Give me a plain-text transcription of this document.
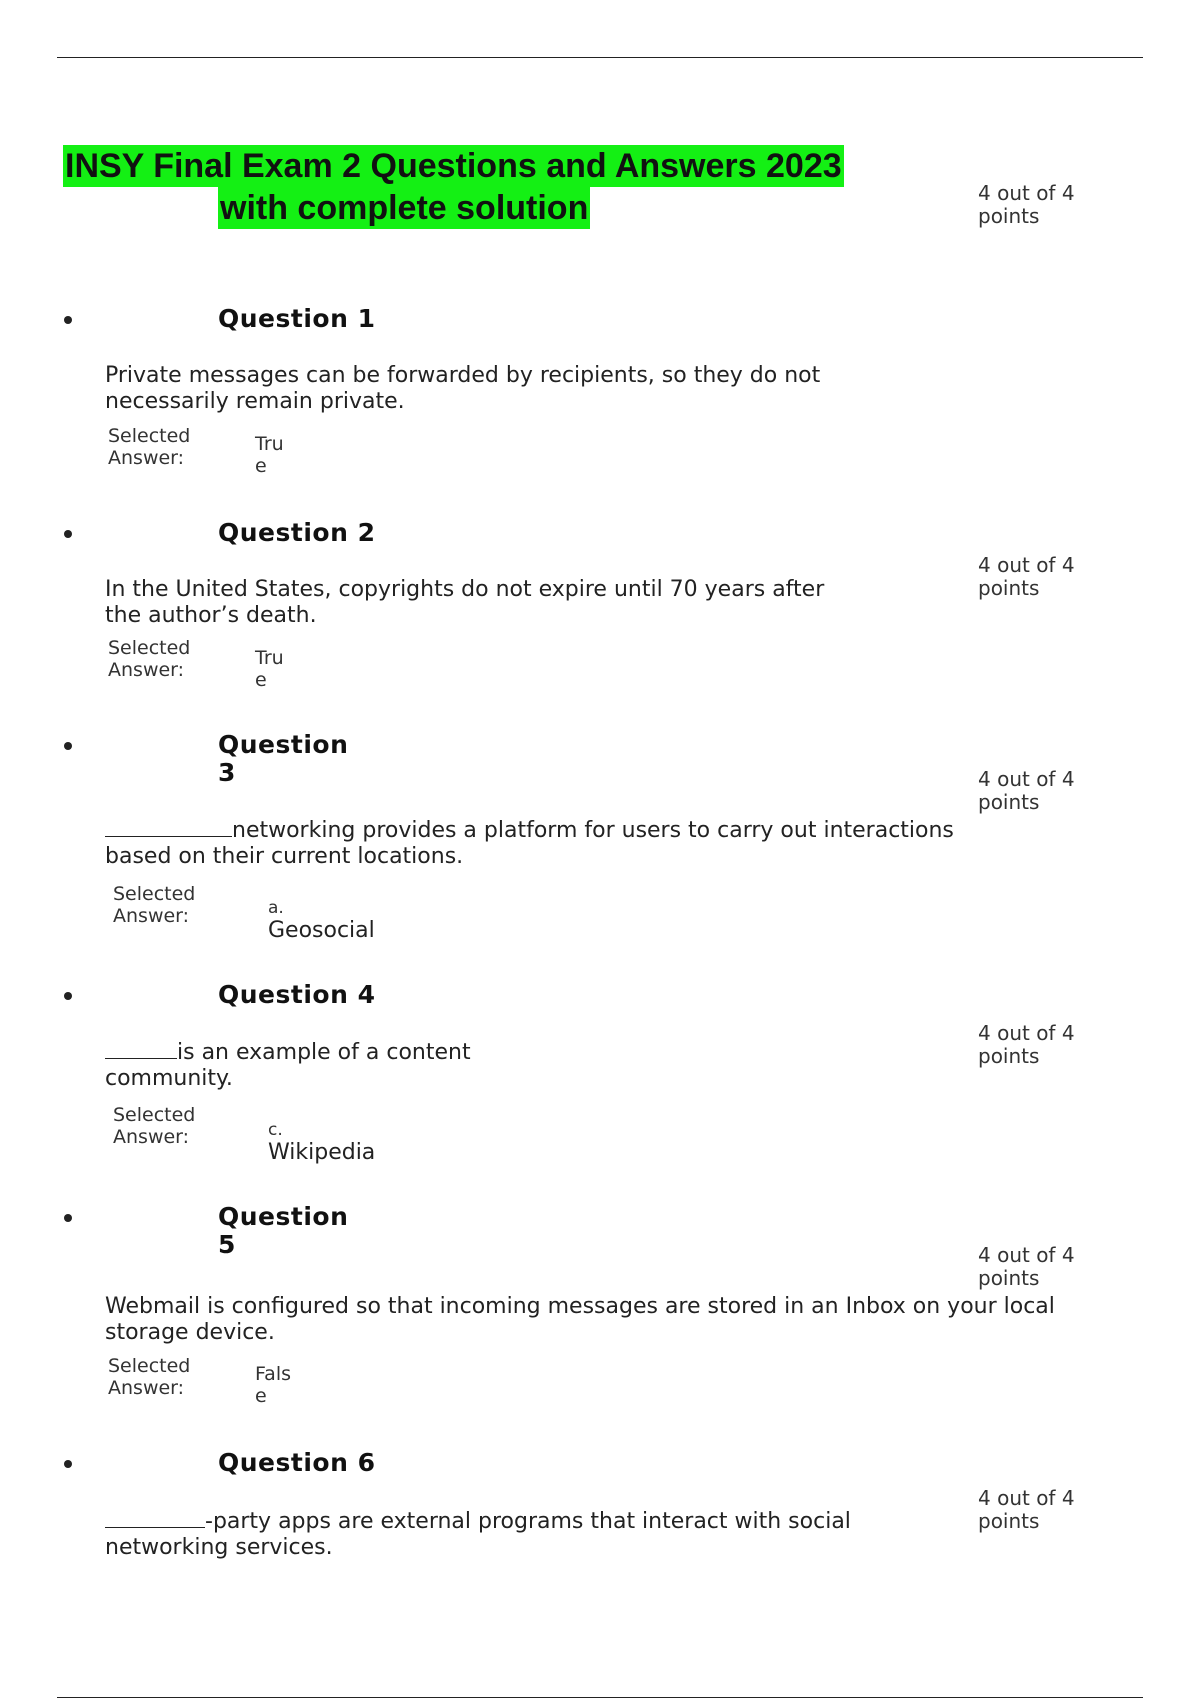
INSY Final Exam 2 Questions and Answers 2023
with complete solution	4 out of 4 points
Question 1
Private messages can be forwarded by recipients, so they do not necessarily remain private.
Selected Answer:
True
4 out of 4 points
Question 2
In the United States, copyrights do not expire until 70 years after the author’s death.
Selected Answer:
True
4 out of 4 points
Question 3
networking provides a platform for users to carry out interactions based on their current locations.
Selected Answer:	a.
Geosocial
4 out of 4 points
Question 4
is an example of a content
community.
Selected Answer:	c.
Wikipedia
4 out of 4 points
Question 5
Webmail is configured so that incoming messages are stored in an Inbox on your local storage device.
Selected Answer:
False
4 out of 4 points
Question 6
-party apps are external programs that interact with social networking services.
